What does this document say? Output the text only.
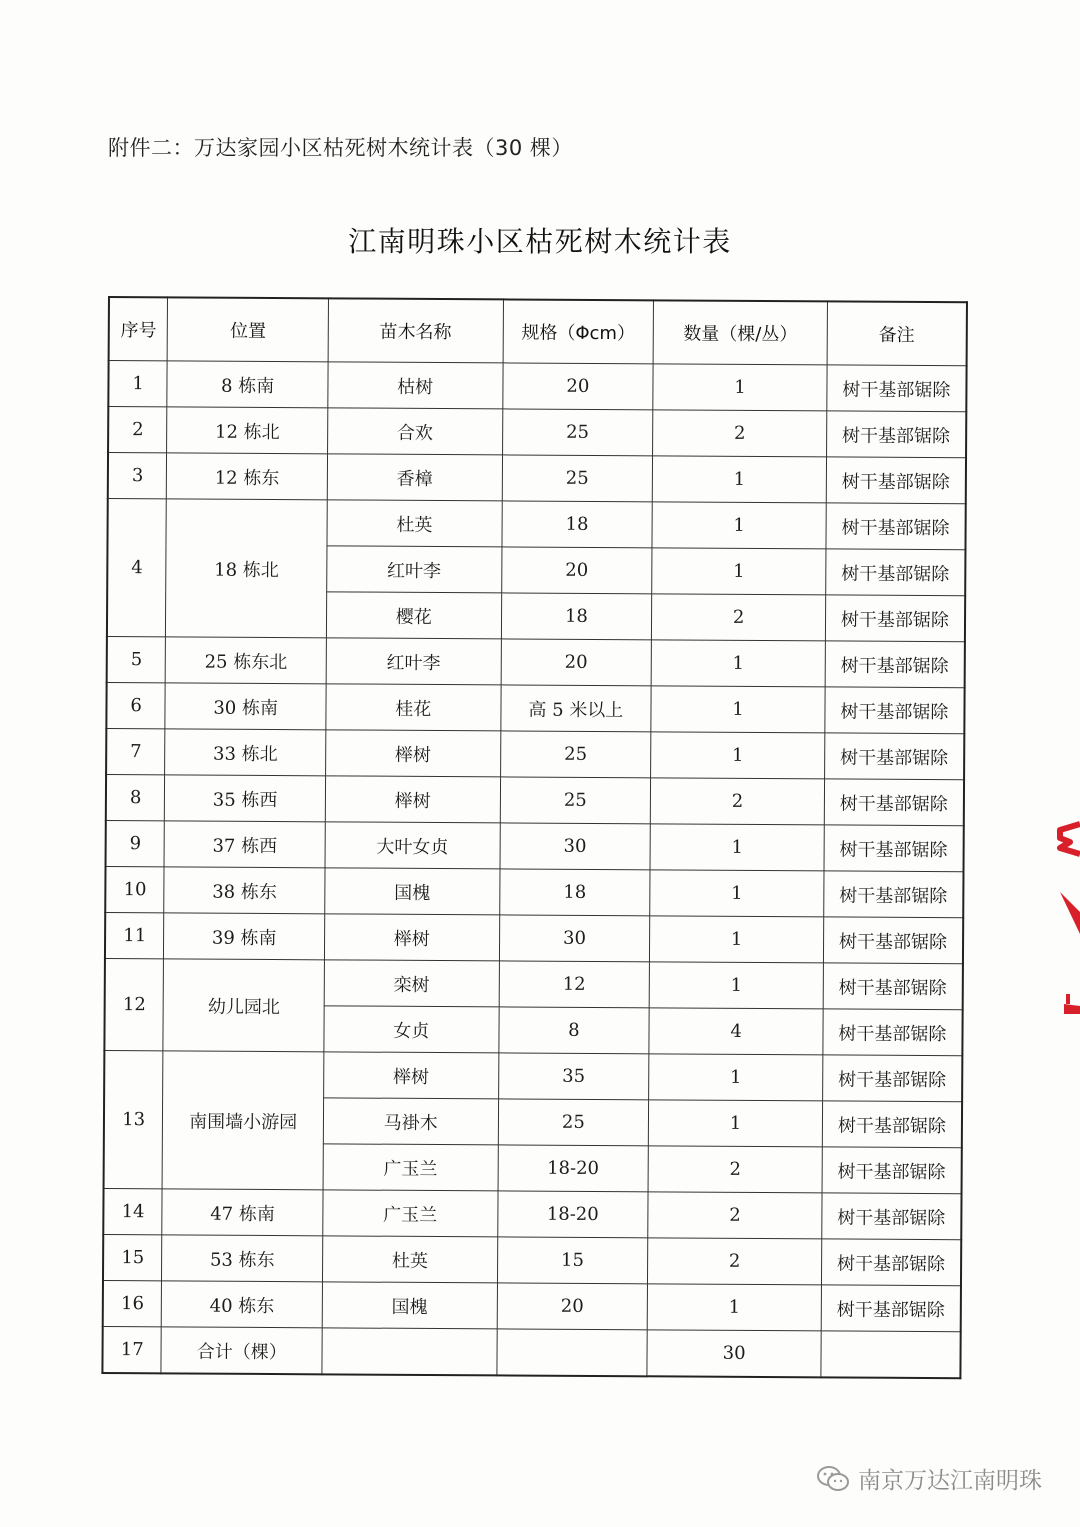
附件二：万达家园小区枯死树木统计表（30 棵）
江南明珠小区枯死树木统计表
序号	位置	苗木名称	规格（Φcm）	数量（棵/丛）	备注
1	8 栋南	枯树	20	1	树干基部锯除
2	12 栋北	合欢	25	2	树干基部锯除
3	12 栋东	香樟	25	1	树干基部锯除
4	18 栋北	杜英	18	1	树干基部锯除
		红叶李	20	1	树干基部锯除
		樱花	18	2	树干基部锯除
5	25 栋东北	红叶李	20	1	树干基部锯除
6	30 栋南	桂花	高 5 米以上	1	树干基部锯除
7	33 栋北	榉树	25	1	树干基部锯除
8	35 栋西	榉树	25	2	树干基部锯除
9	37 栋西	大叶女贞	30	1	树干基部锯除
10	38 栋东	国槐	18	1	树干基部锯除
11	39 栋南	榉树	30	1	树干基部锯除
12	幼儿园北	栾树	12	1	树干基部锯除
		女贞	8	4	树干基部锯除
13	南围墙小游园	榉树	35	1	树干基部锯除
		马褂木	25	1	树干基部锯除
		广玉兰	18-20	2	树干基部锯除
14	47 栋南	广玉兰	18-20	2	树干基部锯除
15	53 栋东	杜英	15	2	树干基部锯除
16	40 栋东	国槐	20	1	树干基部锯除
17	合计（棵）			30	
南京万达江南明珠
